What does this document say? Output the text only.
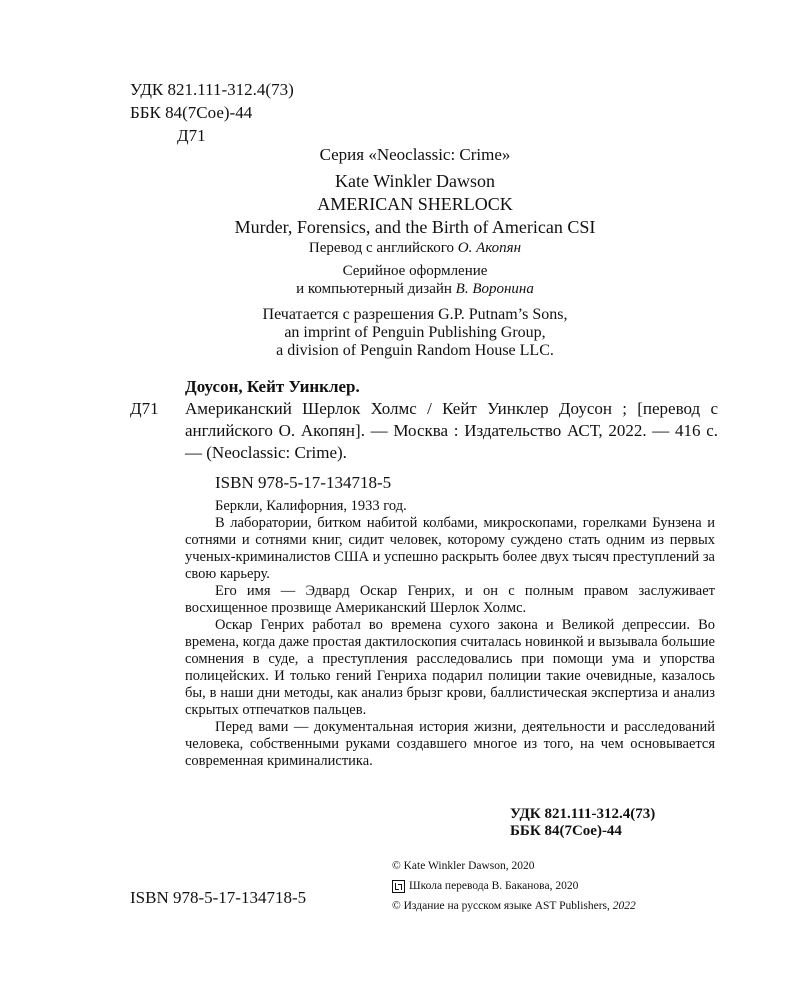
УДК 821.111-312.4(73)
ББК 84(7Сое)-44
Д71
Серия «Neoclassic: Crime»
Kate Winkler Dawson
AMERICAN SHERLOCK
Murder, Forensics, and the Birth of American CSI
Перевод с английского О. Акопян
Серийное оформление
и компьютерный дизайн В. Воронина
Печатается с разрешения G.P. Putnam’s Sons,
an imprint of Penguin Publishing Group,
a division of Penguin Random House LLC.
Доусон, Кейт Уинклер.
Д71	Американский Шерлок Холмс / Кейт Уинклер Доусон ; [перевод с английского О. Акопян]. — Москва : Издательство АСТ, 2022. — 416 с. — (Neoclassic: Crime).
ISBN 978-5-17-134718-5

Беркли, Калифорния, 1933 год.

В лаборатории, битком набитой колбами, микроскопами, горелками Бунзена и сотнями и сотнями книг, сидит человек, которому суждено стать одним из первых ученых-криминалистов США и успешно раскрыть более двух тысяч преступлений за свою карьеру.

Его имя — Эдвард Оскар Генрих, и он с полным правом заслуживает восхищенное прозвище Американский Шерлок Холмс.

Оскар Генрих работал во времена сухого закона и Великой депрессии. Во времена, когда даже простая дактилоскопия считалась новинкой и вызывала большие сомнения в суде, а преступления расследовались при помощи ума и упорства полицейских. И только гений Генриха подарил полиции такие очевидные, казалось бы, в наши дни методы, как анализ брызг крови, баллистическая экспертиза и анализ скрытых отпечатков пальцев.

Перед вами — документальная история жизни, деятельности и расследований человека, собственными руками создавшего многое из того, на чем основывается современная криминалистика.

УДК 821.111-312.4(73)
ББК 84(7Сое)-44
ISBN 978-5-17-134718-5
© Kate Winkler Dawson, 2020
Школа перевода В. Баканова, 2020
© Издание на русском языке AST Publishers,
2022
